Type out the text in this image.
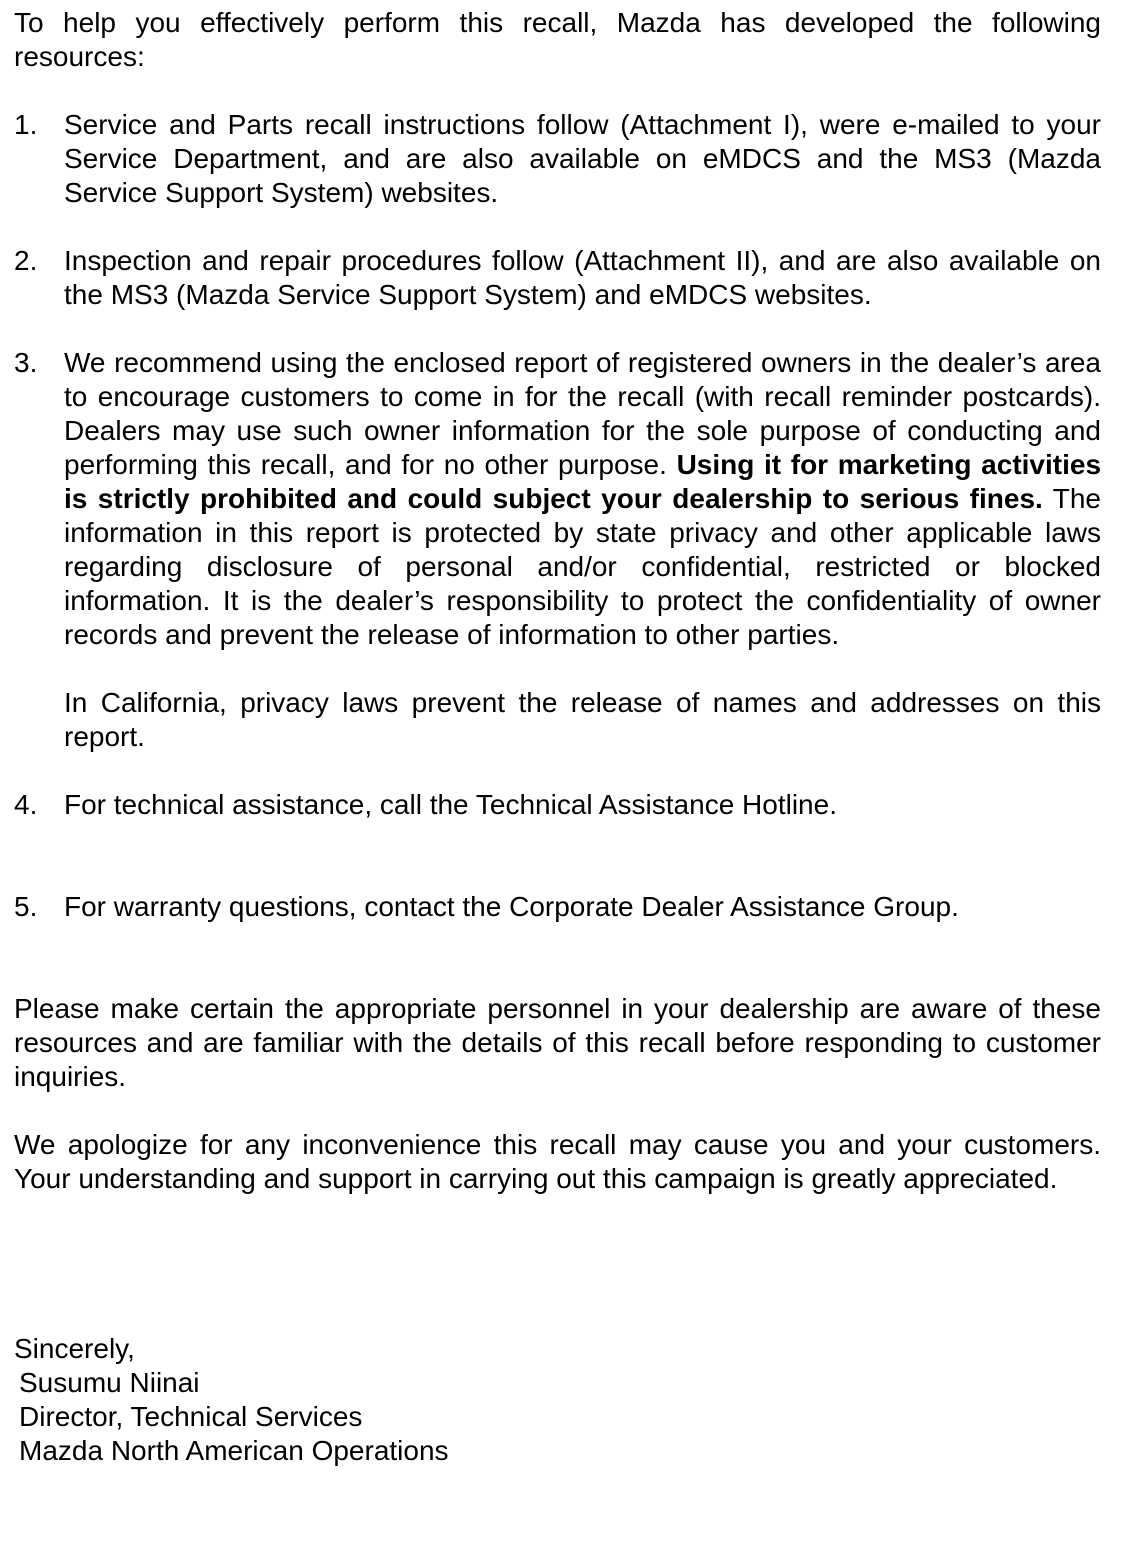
To help you effectively perform this recall, Mazda has developed the following resources:

1. Service and Parts recall instructions follow (Attachment I), were e-mailed to your Service Department, and are also available on eMDCS and the MS3 (Mazda Service Support System) websites.

2. Inspection and repair procedures follow (Attachment II), and are also available on the MS3 (Mazda Service Support System) and eMDCS websites.

3. We recommend using the enclosed report of registered owners in the dealer’s area to encourage customers to come in for the recall (with recall reminder postcards). Dealers may use such owner information for the sole purpose of conducting and performing this recall, and for no other purpose. Using it for marketing activities is strictly prohibited and could subject your dealership to serious fines. The information in this report is protected by state privacy and other applicable laws regarding disclosure of personal and/or confidential, restricted or blocked information. It is the dealer’s responsibility to protect the confidentiality of owner records and prevent the release of information to other parties.

In California, privacy laws prevent the release of names and addresses on this report.

4. For technical assistance, call the Technical Assistance Hotline.

5. For warranty questions, contact the Corporate Dealer Assistance Group.

Please make certain the appropriate personnel in your dealership are aware of these resources and are familiar with the details of this recall before responding to customer inquiries.

We apologize for any inconvenience this recall may cause you and your customers. Your understanding and support in carrying out this campaign is greatly appreciated.

Sincerely,
Susumu Niinai
Director, Technical Services
Mazda North American Operations
